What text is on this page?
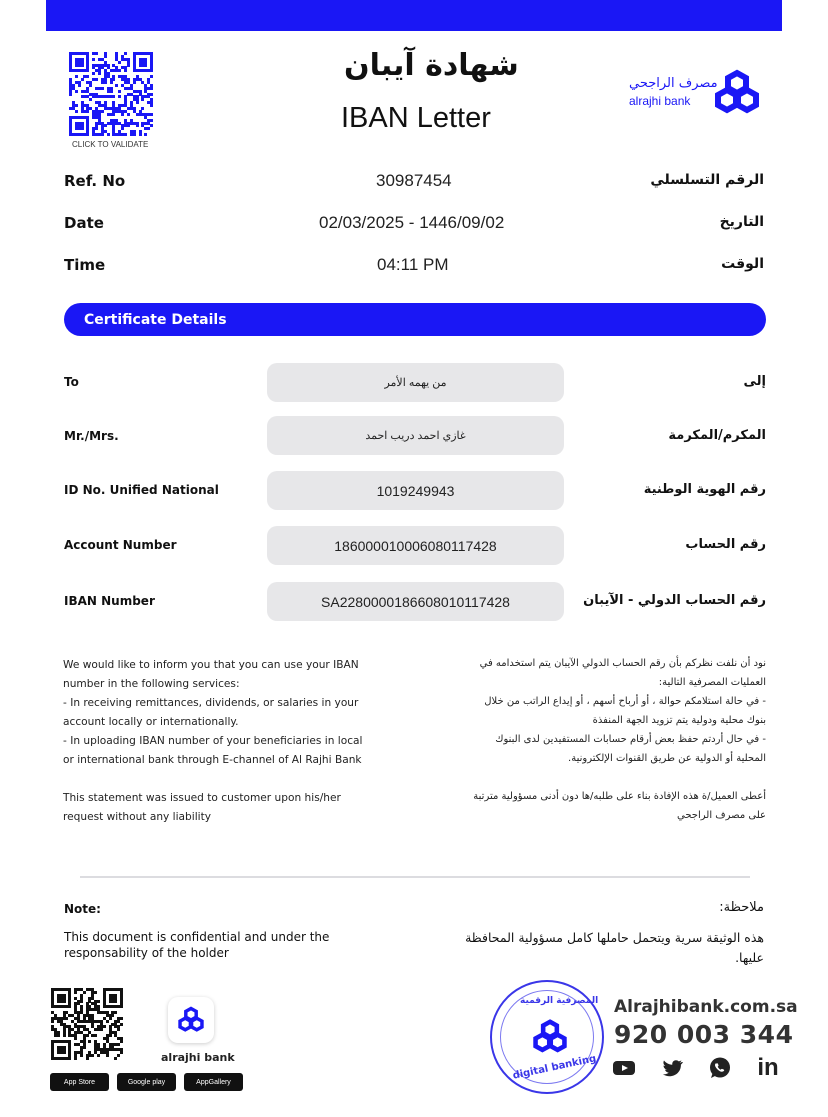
CLICK TO VALIDATE
شهادة آيبان
IBAN Letter
مصرف الراجحي
alrajhi bank
Ref. No	30987454	الرقم التسلسلي
Date	02/03/2025 - 1446/09/02	التاريخ
Time	04:11 PM	الوقت
Certificate Details
To	من يهمه الأمر	إلى
Mr./Mrs.	غازي احمد دريب احمد	المكرم/المكرمة
ID No. Unified National	1019249943	رقم الهوية الوطنية
Account Number	186000010006080117428	رقم الحساب
IBAN Number	SA2280000186608010117428	رقم الحساب الدولي - الآيبان
We would like to inform you that you can use your IBAN
number in the following services:
- In receiving remittances, dividends, or salaries in your
account locally or internationally.
- In uploading IBAN number of your beneficiaries in local
or international bank through E-channel of Al Rajhi Bank
This statement was issued to customer upon his/her
request without any liability
نود أن نلفت نظركم بأن رقم الحساب الدولي الآيبان يتم استخدامه في
العمليات المصرفية التالية:
- في حالة استلامكم حوالة ، أو أرباح أسهم ، أو إيداع الراتب من خلال
بنوك محلية ودولية يتم تزويد الجهة المنفذة
- في حال أردتم حفظ بعض أرقام حسابات المستفيدين لدى البنوك
المحلية أو الدولية عن طريق القنوات الإلكترونية.
أعطى العميل/ة هذه الإفادة بناء على طلبه/ها دون أدنى مسؤولية مترتبة
على مصرف الراجحي
Note:	ملاحظة:
This document is confidential and under the responsability of the holder
هذه الوثيقة سرية ويتحمل حاملها كامل مسؤولية المحافظة عليها.
alrajhi bank
App Store	Google play	AppGallery
المصرفية الرقمية
digital banking
Alrajhibank.com.sa
920 003 344
in
